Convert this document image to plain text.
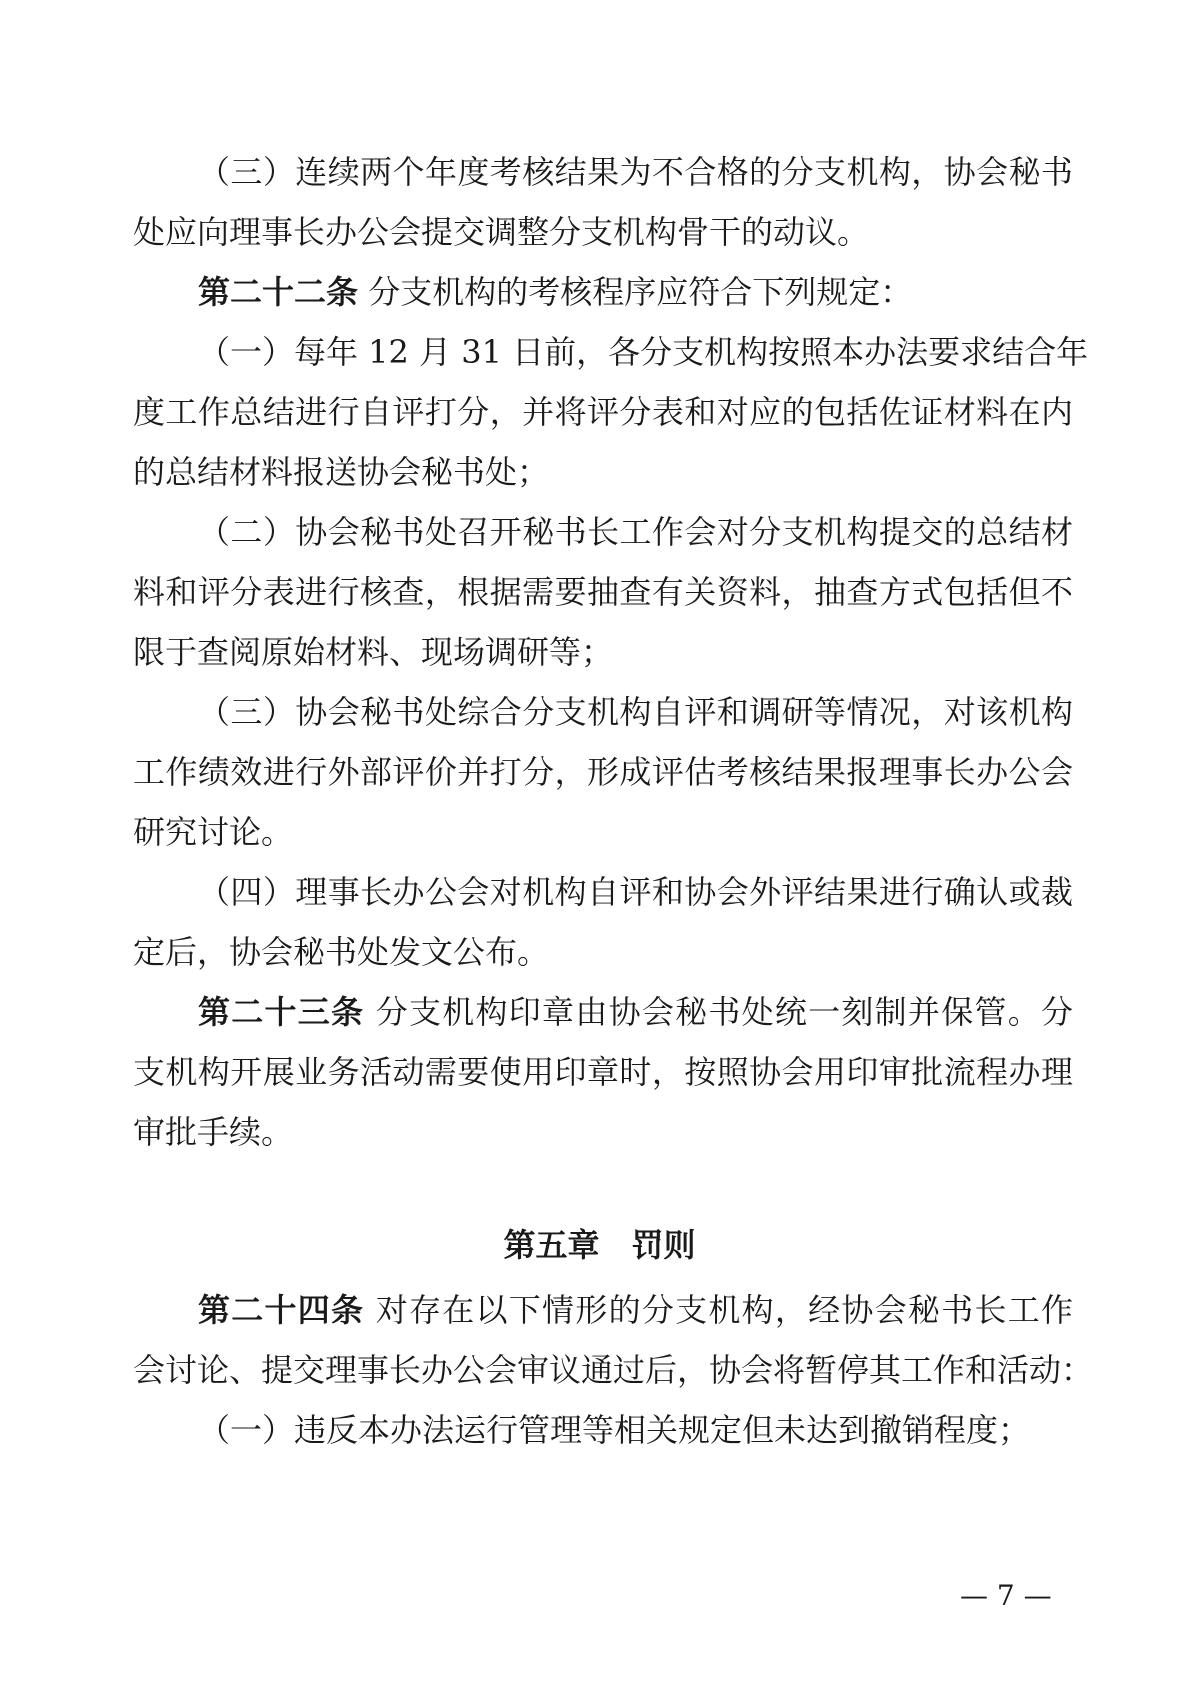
（三）连续两个年度考核结果为不合格的分支机构，协会秘书
处应向理事长办公会提交调整分支机构骨干的动议。
第二十二条 分支机构的考核程序应符合下列规定：
（一）每年 12 月 31 日前，各分支机构按照本办法要求结合年
度工作总结进行自评打分，并将评分表和对应的包括佐证材料在内
的总结材料报送协会秘书处；
（二）协会秘书处召开秘书长工作会对分支机构提交的总结材
料和评分表进行核查，根据需要抽查有关资料，抽查方式包括但不
限于查阅原始材料、现场调研等；
（三）协会秘书处综合分支机构自评和调研等情况，对该机构
工作绩效进行外部评价并打分，形成评估考核结果报理事长办公会
研究讨论。
（四）理事长办公会对机构自评和协会外评结果进行确认或裁
定后，协会秘书处发文公布。
第二十三条 分支机构印章由协会秘书处统一刻制并保管。分
支机构开展业务活动需要使用印章时，按照协会用印审批流程办理
审批手续。
第五章　罚则
第二十四条 对存在以下情形的分支机构，经协会秘书长工作
会讨论、提交理事长办公会审议通过后，协会将暂停其工作和活动：
（一）违反本办法运行管理等相关规定但未达到撤销程度；
— 7 —
